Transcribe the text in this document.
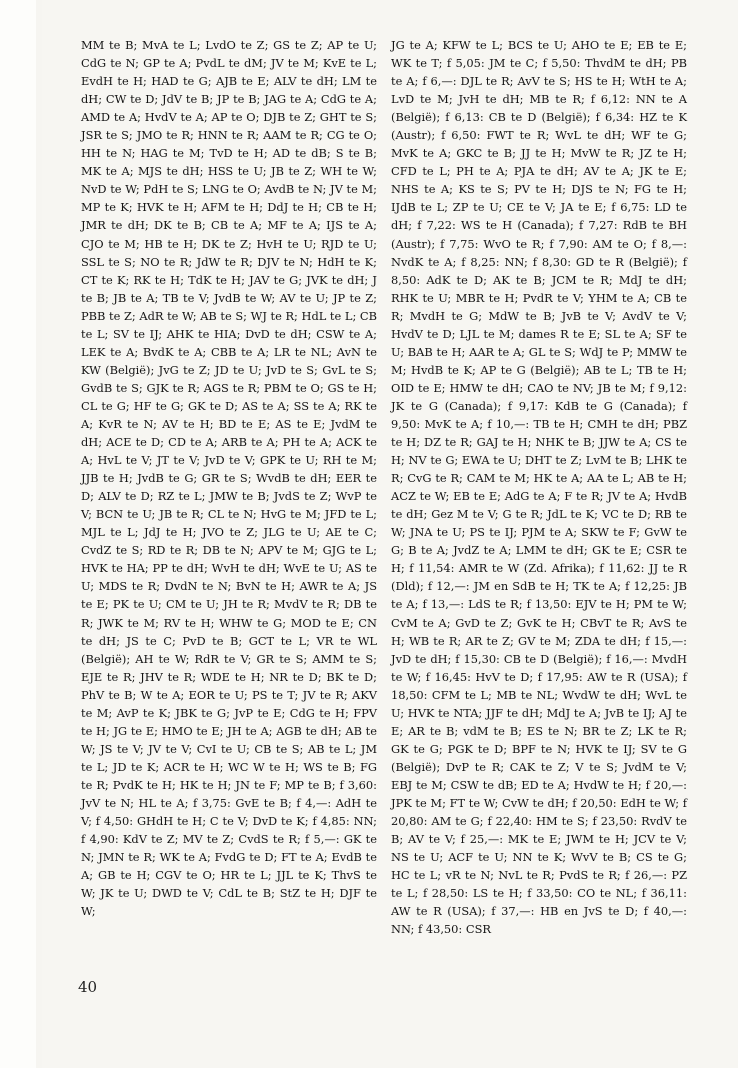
MM te B; MvA te L; LvdO te Z; GS te Z; AP te U; CdG te N; GP te A; PvdL te dM; JV te M; KvE te L; EvdH te H; HAD te G; AJB te E; ALV te dH; LM te dH; CW te D; JdV te B; JP te B; JAG te A; CdG te A; AMD te A; HvdV te A; AP te O; DJB te Z; GHT te S; JSR te S; JMO te R; HNN te R; AAM te R; CG te O; HH te N; HAG te M; TvD te H; AD te dB; S te B; MK te A; MJS te dH; HSS te U; JB te Z; WH te W; NvD te W; PdH te S; LNG te O; AvdB te N; JV te M; MP te K; HVK te H; AFM te H; DdJ te H; CB te H; JMR te dH; DK te B; CB te A; MF te A; IJS te A; CJO te M; HB te H; DK te Z; HvH te U; RJD te U; SSL te S; NO te R; JdW te R; DJV te N; HdH te K; CT te K; RK te H; TdK te H; JAV te G; JVK te dH; J te B; JB te A; TB te V; JvdB te W; AV te U; JP te Z; PBB te Z; AdR te W; AB te S; WJ te R; HdL te L; CB te L; SV te IJ; AHK te HIA; DvD te dH; CSW te A; LEK te A; BvdK te A; CBB te A; LR te NL; AvN te KW (België); JvG te Z; JD te U; JvD te S; GvL te S; GvdB te S; GJK te R; AGS te R; PBM te O; GS te H; CL te G; HF te G; GK te D; AS te A; SS te A; RK te A; KvR te N; AV te H; BD te E; AS te E; JvdM te dH; ACE te D; CD te A; ARB te A; PH te A; ACK te A; HvL te V; JT te V; JvD te V; GPK te U; RH te M; JJB te H; JvdB te G; GR te S; WvdB te dH; EER te D; ALV te D; RZ te L; JMW te B; JvdS te Z; WvP te V; BCN te U; JB te R; CL te N; HvG te M; JFD te L; MJL te L; JdJ te H; JVO te Z; JLG te U; AE te C; CvdZ te S; RD te R; DB te N; APV te M; GJG te L; HVK te HA; PP te dH; WvH te dH; WvE te U; AS te U; MDS te R; DvdN te N; BvN te H; AWR te A; JS te E; PK te U; CM te U; JH te R; MvdV te R; DB te R; JWK te M; RV te H; WHW te G; MOD te E; CN te dH; JS te C; PvD te B; GCT te L; VR te WL (België); AH te W; RdR te V; GR te S; AMM te S; EJE te R; JHV te R; WDE te H; NR te D; BK te D; PhV te B; W te A; EOR te U; PS te T; JV te R; AKV te M; AvP te K; JBK te G; JvP te E; CdG te H; FPV te H; JG te E; HMO te E; JH te A; AGB te dH; AB te W; JS te V; JV te V; CvI te U; CB te S; AB te L; JM te L; JD te K; ACR te H; WC W te H; WS te B; FG te R; PvdK te H; HK te H; JN te F; MP te B; f 3,60: JvV te N; HL te A; f 3,75: GvE te B; f 4,—: AdH te V; f 4,50: GHdH te H; C te V; DvD te K; f 4,85: NN; f 4,90: KdV te Z; MV te Z; CvdS te R; f 5,—: GK te N; JMN te R; WK te A; FvdG te D; FT te A; EvdB te A; GB te H; CGV te O; HR te L; JJL te K; ThvS te W; JK te U; DWD te V; CdL te B; StZ te H; DJF te W;

JG te A; KFW te L; BCS te U; AHO te E; EB te E; WK te T; f 5,05: JM te C; f 5,50: ThvdM te dH; PB te A; f 6,—: DJL te R; AvV te S; HS te H; WtH te A; LvD te M; JvH te dH; MB te R; f 6,12: NN te A (België); f 6,13: CB te D (België); f 6,34: HZ te K (Austr); f 6,50: FWT te R; WvL te dH; WF te G; MvK te A; GKC te B; JJ te H; MvW te R; JZ te H; CFD te L; PH te A; PJA te dH; AV te A; JK te E; NHS te A; KS te S; PV te H; DJS te N; FG te H; IJdB te L; ZP te U; CE te V; JA te E; f 6,75: LD te dH; f 7,22: WS te H (Canada); f 7,27: RdB te BH (Austr); f 7,75: WvO te R; f 7,90: AM te O; f 8,—: NvdK te A; f 8,25: NN; f 8,30: GD te R (België); f 8,50: AdK te D; AK te B; JCM te R; MdJ te dH; RHK te U; MBR te H; PvdR te V; YHM te A; CB te R; MvdH te G; MdW te B; JvB te V; AvdV te V; HvdV te D; LJL te M; dames R te E; SL te A; SF te U; BAB te H; AAR te A; GL te S; WdJ te P; MMW te M; HvdB te K; AP te G (België); AB te L; TB te H; OID te E; HMW te dH; CAO te NV; JB te M; f 9,12: JK te G (Canada); f 9,17: KdB te G (Canada); f 9,50: MvK te A; f 10,—: TB te H; CMH te dH; PBZ te H; DZ te R; GAJ te H; NHK te B; JJW te A; CS te H; NV te G; EWA te U; DHT te Z; LvM te B; LHK te R; CvG te R; CAM te M; HK te A; AA te L; AB te H; ACZ te W; EB te E; AdG te A; F te R; JV te A; HvdB te dH; Gez M te V; G te R; JdL te K; VC te D; RB te W; JNA te U; PS te IJ; PJM te A; SKW te F; GvW te G; B te A; JvdZ te A; LMM te dH; GK te E; CSR te H; f 11,54: AMR te W (Zd. Afrika); f 11,62: JJ te R (Dld); f 12,—: JM en SdB te H; TK te A; f 12,25: JB te A; f 13,—: LdS te R; f 13,50: EJV te H; PM te W; CvM te A; GvD te Z; GvK te H; CBvT te R; AvS te H; WB te R; AR te Z; GV te M; ZDA te dH; f 15,—: JvD te dH; f 15,30: CB te D (België); f 16,—: MvdH te W; f 16,45: HvV te D; f 17,95: AW te R (USA); f 18,50: CFM te L; MB te NL; WvdW te dH; WvL te U; HVK te NTA; JJF te dH; MdJ te A; JvB te IJ; AJ te E; AR te B; vdM te B; ES te N; BR te Z; LK te R; GK te G; PGK te D; BPF te N; HVK te IJ; SV te G (België); DvP te R; CAK te Z; V te S; JvdM te V; EBJ te M; CSW te dB; ED te A; HvdW te H; f 20,—: JPK te M; FT te W; CvW te dH; f 20,50: EdH te W; f 20,80: AM te G; f 22,40: HM te S; f 23,50: RvdV te B; AV te V; f 25,—: MK te E; JWM te H; JCV te V; NS te U; ACF te U; NN te K; WvV te B; CS te G; HC te L; vR te N; NvL te R; PvdS te R; f 26,—: PZ te L; f 28,50: LS te H; f 33,50: CO te NL; f 36,11: AW te R (USA); f 37,—: HB en JvS te D; f 40,—: NN; f 43,50: CSR

40
